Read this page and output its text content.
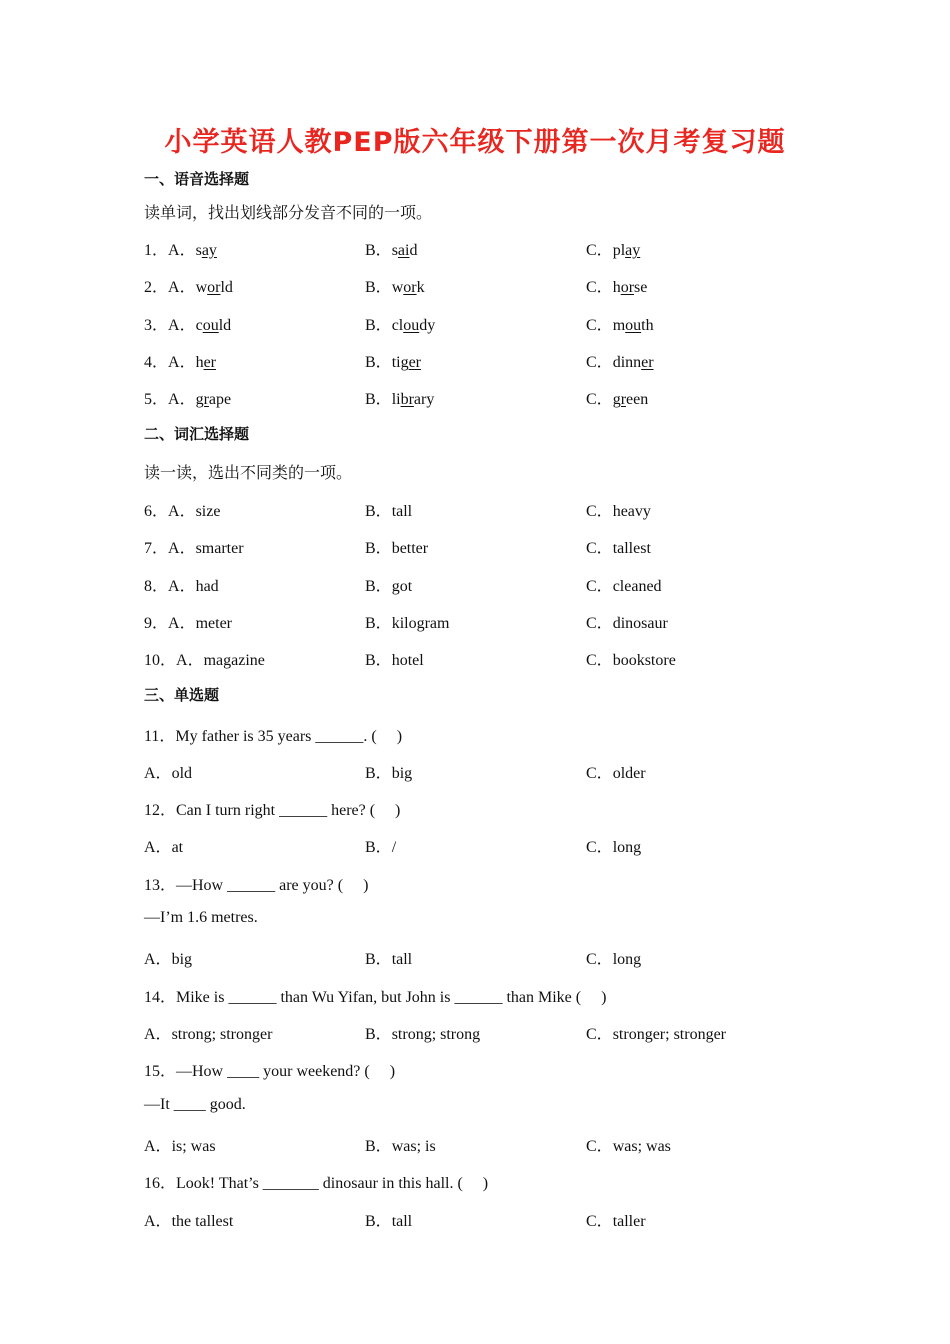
小学英语人教PEP版六年级下册第一次月考复习题
一、语音选择题
读单词，找出划线部分发音不同的一项。
1．A．say	B．said	C．play
2．A．world	B．work	C．horse
3．A．could	B．cloudy	C．mouth
4．A．her	B．tiger	C．dinner
5．A．grape	B．library	C．green
二、词汇选择题
读一读，选出不同类的一项。
6．A．size	B．tall	C．heavy
7．A．smarter	B．better	C．tallest
8．A．had	B．got	C．cleaned
9．A．meter	B．kilogram	C．dinosaur
10．A．magazine	B．hotel	C．bookstore
三、单选题
11．My father is 35 years ______. (     )
A．old	B．big	C．older
12．Can I turn right ______ here? (     )
A．at	B．/	C．long
13．—How ______ are you? (     )
—I’m 1.6 metres.
A．big	B．tall	C．long
14．Mike is ______ than Wu Yifan, but John is ______ than Mike (     )
A．strong; stronger	B．strong; strong	C．stronger; stronger
15．—How ____ your weekend? (     )
—It ____ good.
A．is; was	B．was; is	C．was; was
16．Look! That’s _______ dinosaur in this hall. (     )
A．the tallest	B．tall	C．taller
